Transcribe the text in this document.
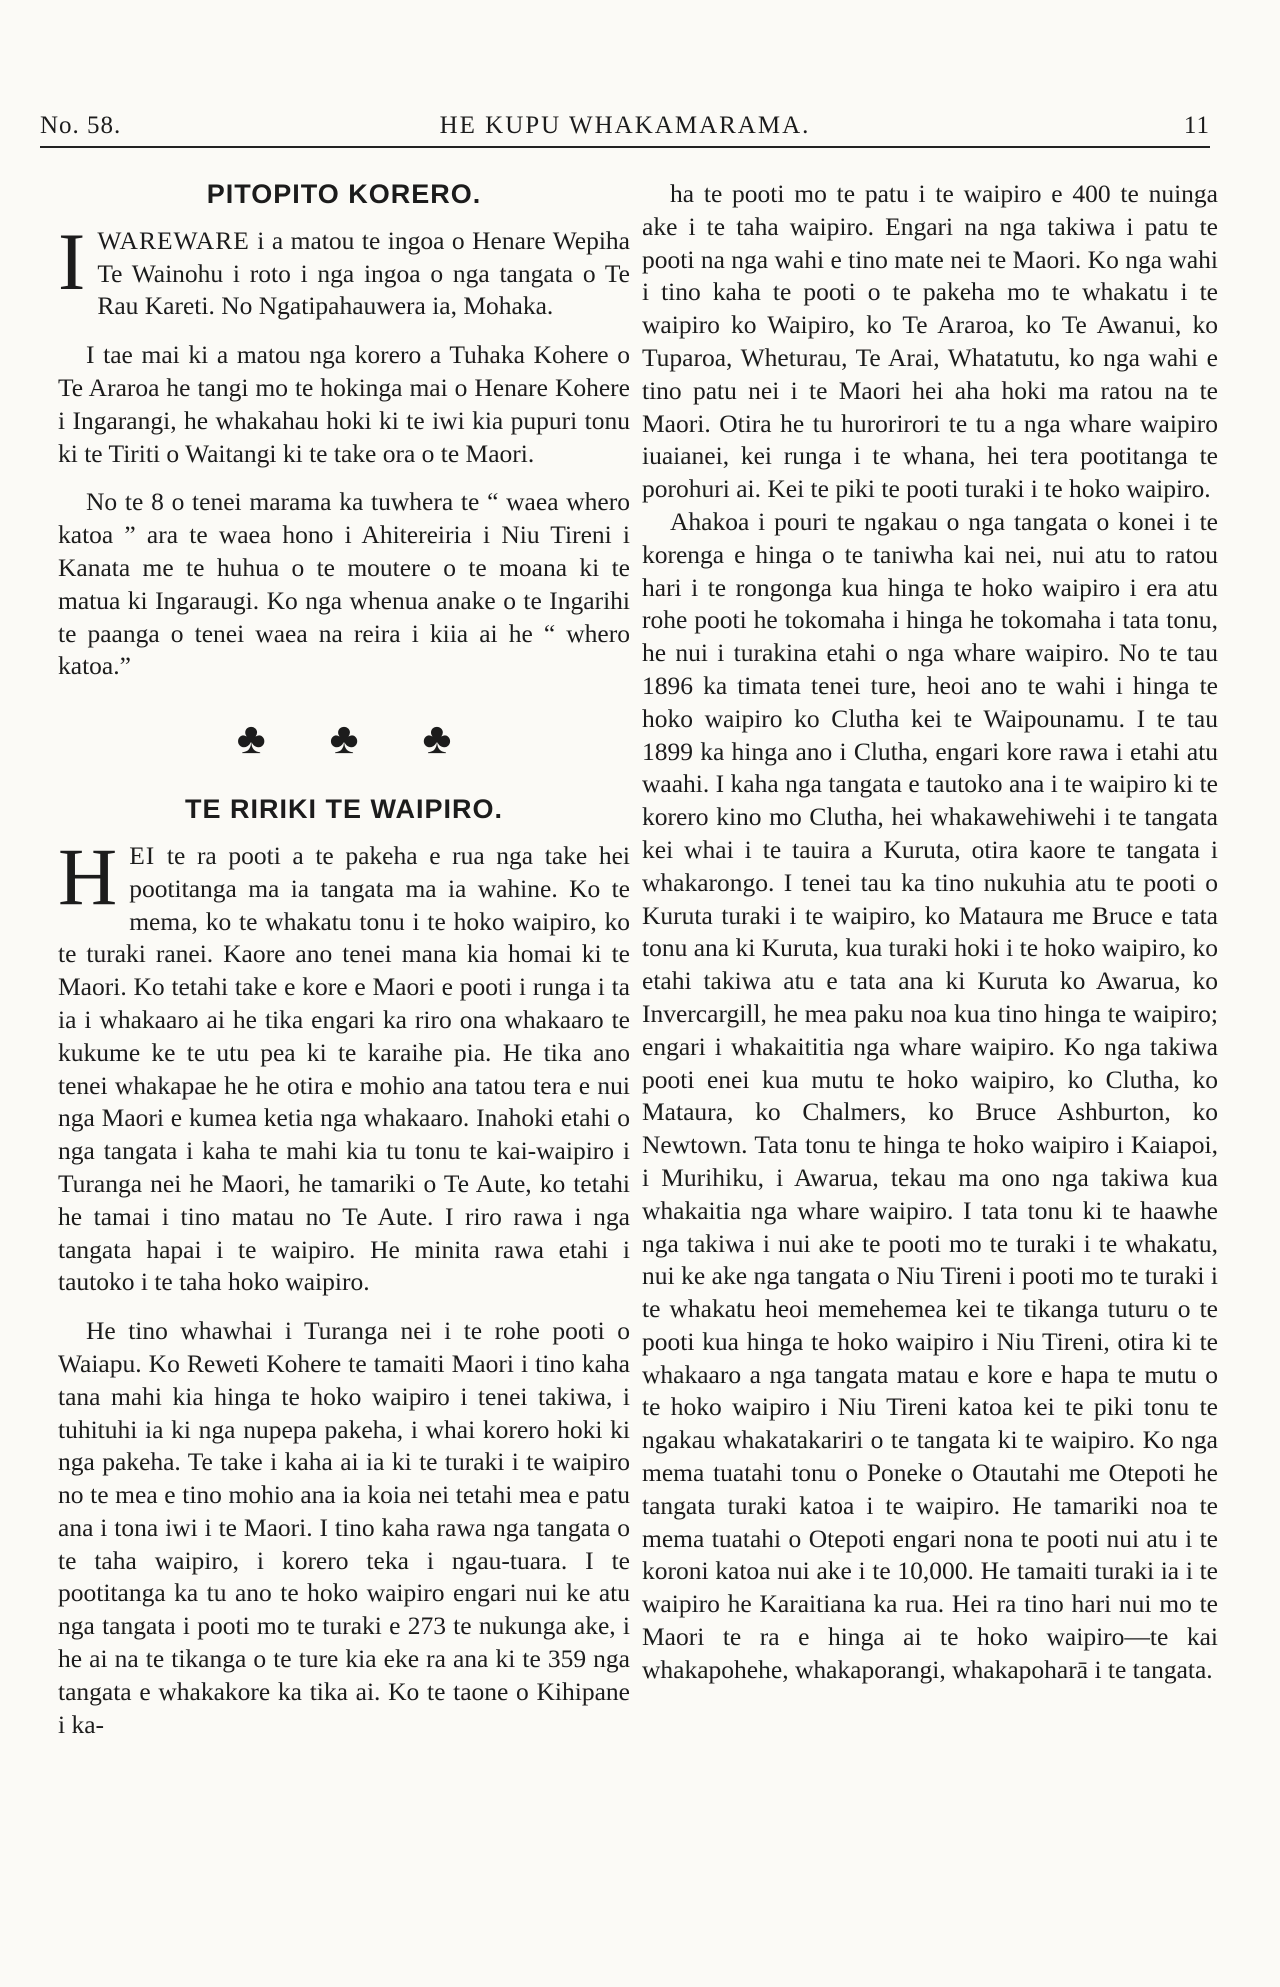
No. 58.	HE KUPU WHAKAMARAMA.	11
PITOPITO KORERO.

IWAREWARE i a matou te ingoa o Henare Wepiha Te Wainohu i roto i nga ingoa o nga tangata o Te Rau Kareti. No Ngatipahauwera ia, Mohaka.

I tae mai ki a matou nga korero a Tuhaka Kohere o Te Araroa he tangi mo te hokinga mai o Henare Kohere i Ingarangi, he whakahau hoki ki te iwi kia pupuri tonu ki te Tiriti o Waitangi ki te take ora o te Maori.

No te 8 o tenei marama ka tuwhera te “ waea whero katoa ” ara te waea hono i Ahitereiria i Niu Tireni i Kanata me te huhua o te moutere o te moana ki te matua ki Ingaraugi. Ko nga whenua anake o te Ingarihi te paanga o tenei waea na reira i kiia ai he “ whero katoa.”

♣ ♣ ♣
TE RIRIKI TE WAIPIRO.

HEI te ra pooti a te pakeha e rua nga take hei pootitanga ma ia tangata ma ia wahine. Ko te mema, ko te whakatu tonu i te hoko waipiro, ko te turaki ranei. Kaore ano tenei mana kia homai ki te Maori. Ko tetahi take e kore e Maori e pooti i runga i ta ia i whakaaro ai he tika engari ka riro ona whakaaro te kukume ke te utu pea ki te karaihe pia. He tika ano tenei whakapae he he otira e mohio ana tatou tera e nui nga Maori e kumea ketia nga whakaaro. Inahoki etahi o nga tangata i kaha te mahi kia tu tonu te kai-waipiro i Turanga nei he Maori, he tamariki o Te Aute, ko tetahi he tamai i tino matau no Te Aute. I riro rawa i nga tangata hapai i te waipiro. He minita rawa etahi i tautoko i te taha hoko waipiro.

He tino whawhai i Turanga nei i te rohe pooti o Waiapu. Ko Reweti Kohere te tamaiti Maori i tino kaha tana mahi kia hinga te hoko waipiro i tenei takiwa, i tuhituhi ia ki nga nupepa pakeha, i whai korero hoki ki nga pakeha. Te take i kaha ai ia ki te turaki i te waipiro no te mea e tino mohio ana ia koia nei tetahi mea e patu ana i tona iwi i te Maori. I tino kaha rawa nga tangata o te taha waipiro, i korero teka i ngau-tuara. I te pootitanga ka tu ano te hoko waipiro engari nui ke atu nga tangata i pooti mo te turaki e 273 te nukunga ake, i he ai na te tikanga o te ture kia eke ra ana ki te 359 nga tangata e whakakore ka tika ai. Ko te taone o Kihipane i ka-

ha te pooti mo te patu i te waipiro e 400 te nuinga ake i te taha waipiro. Engari na nga takiwa i patu te pooti na nga wahi e tino mate nei te Maori. Ko nga wahi i tino kaha te pooti o te pakeha mo te whakatu i te waipiro ko Waipiro, ko Te Araroa, ko Te Awanui, ko Tuparoa, Wheturau, Te Arai, Whatatutu, ko nga wahi e tino patu nei i te Maori hei aha hoki ma ratou na te Maori. Otira he tu hurorirori te tu a nga whare waipiro iuaianei, kei runga i te whana, hei tera pootitanga te porohuri ai. Kei te piki te pooti turaki i te hoko waipiro.

Ahakoa i pouri te ngakau o nga tangata o konei i te korenga e hinga o te taniwha kai nei, nui atu to ratou hari i te rongonga kua hinga te hoko waipiro i era atu rohe pooti he tokomaha i hinga he tokomaha i tata tonu, he nui i turakina etahi o nga whare waipiro. No te tau 1896 ka timata tenei ture, heoi ano te wahi i hinga te hoko waipiro ko Clutha kei te Waipounamu. I te tau 1899 ka hinga ano i Clutha, engari kore rawa i etahi atu waahi. I kaha nga tangata e tautoko ana i te waipiro ki te korero kino mo Clutha, hei whakawehiwehi i te tangata kei whai i te tauira a Kuruta, otira kaore te tangata i whakarongo. I tenei tau ka tino nukuhia atu te pooti o Kuruta turaki i te waipiro, ko Mataura me Bruce e tata tonu ana ki Kuruta, kua turaki hoki i te hoko waipiro, ko etahi takiwa atu e tata ana ki Kuruta ko Awarua, ko Invercargill, he mea paku noa kua tino hinga te waipiro; engari i whakaititia nga whare waipiro. Ko nga takiwa pooti enei kua mutu te hoko waipiro, ko Clutha, ko Mataura, ko Chalmers, ko Bruce Ashburton, ko Newtown. Tata tonu te hinga te hoko waipiro i Kaiapoi, i Murihiku, i Awarua, tekau ma ono nga takiwa kua whakaitia nga whare waipiro. I tata tonu ki te haawhe nga takiwa i nui ake te pooti mo te turaki i te whakatu, nui ke ake nga tangata o Niu Tireni i pooti mo te turaki i te whakatu heoi memehemea kei te tikanga tuturu o te pooti kua hinga te hoko waipiro i Niu Tireni, otira ki te whakaaro a nga tangata matau e kore e hapa te mutu o te hoko waipiro i Niu Tireni katoa kei te piki tonu te ngakau whakatakariri o te tangata ki te waipiro. Ko nga mema tuatahi tonu o Poneke o Otautahi me Otepoti he tangata turaki katoa i te waipiro. He tamariki noa te mema tuatahi o Otepoti engari nona te pooti nui atu i te koroni katoa nui ake i te 10,000. He tamaiti turaki ia i te waipiro he Karaitiana ka rua. Hei ra tino hari nui mo te Maori te ra e hinga ai te hoko waipiro—te kai whakapohehe, whakaporangi, whakapoharā i te tangata.
